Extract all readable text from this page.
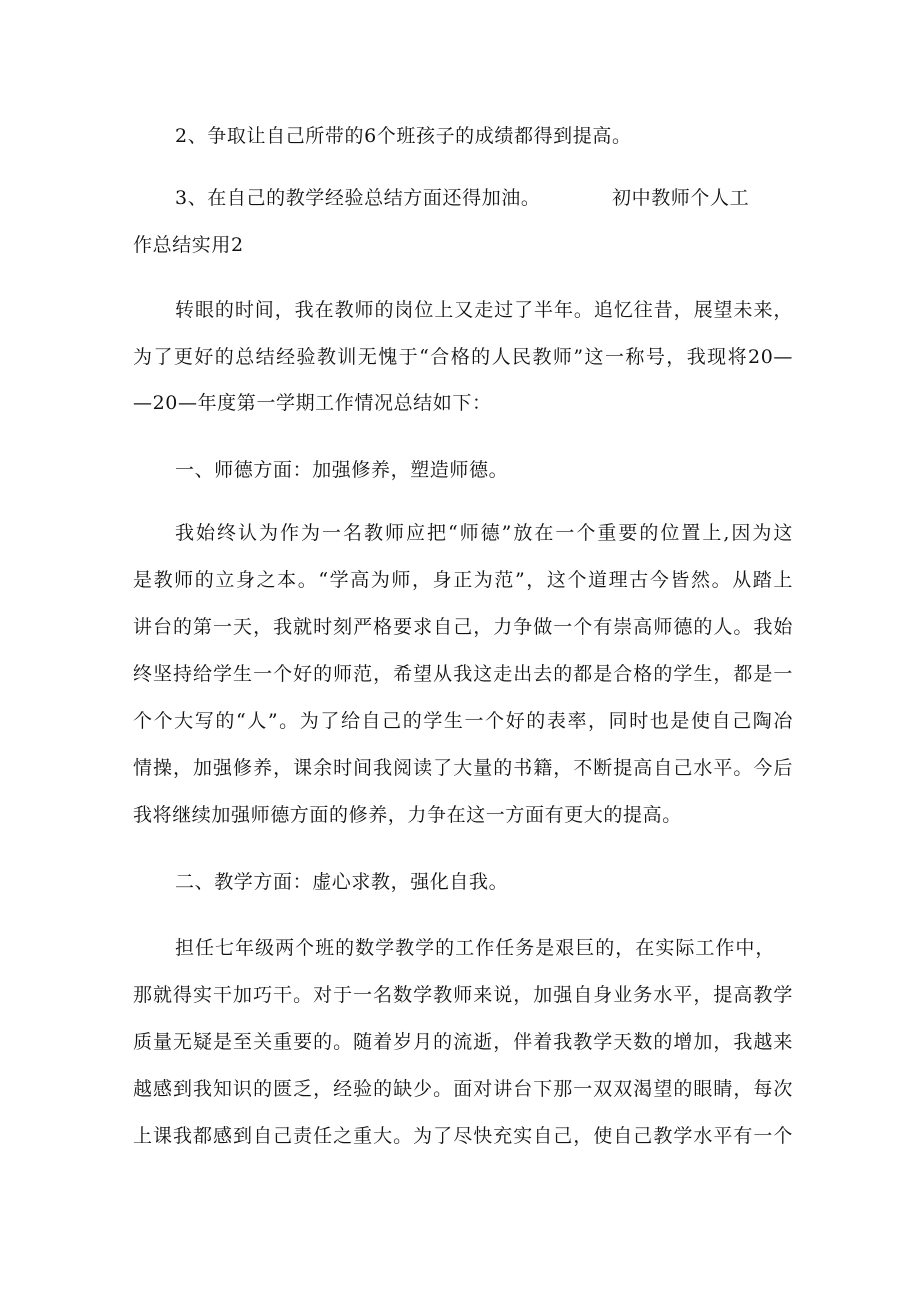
2、争取让自己所带的6个班孩子的成绩都得到提高。
3、在自己的教学经验总结方面还得加油。	初中教师个人工
作总结实用2
转眼的时间，我在教师的岗位上又走过了半年。追忆往昔，展望未来，
为了更好的总结经验教训无愧于“合格的人民教师”这一称号，我现将20—
—20—年度第一学期工作情况总结如下：
一、师德方面：加强修养，塑造师德。
我始终认为作为一名教师应把“师德”放在一个重要的位置上,因为这
是教师的立身之本。“学高为师，身正为范”，这个道理古今皆然。从踏上
讲台的第一天，我就时刻严格要求自己，力争做一个有崇高师德的人。我始
终坚持给学生一个好的师范，希望从我这走出去的都是合格的学生，都是一
个个大写的“人”。为了给自己的学生一个好的表率，同时也是使自己陶冶
情操，加强修养，课余时间我阅读了大量的书籍，不断提高自己水平。今后
我将继续加强师德方面的修养，力争在这一方面有更大的提高。
二、教学方面：虚心求教，强化自我。
担任七年级两个班的数学教学的工作任务是艰巨的，在实际工作中，
那就得实干加巧干。对于一名数学教师来说，加强自身业务水平，提高教学
质量无疑是至关重要的。随着岁月的流逝，伴着我教学天数的增加，我越来
越感到我知识的匮乏，经验的缺少。面对讲台下那一双双渴望的眼睛，每次
上课我都感到自己责任之重大。为了尽快充实自己，使自己教学水平有一个
